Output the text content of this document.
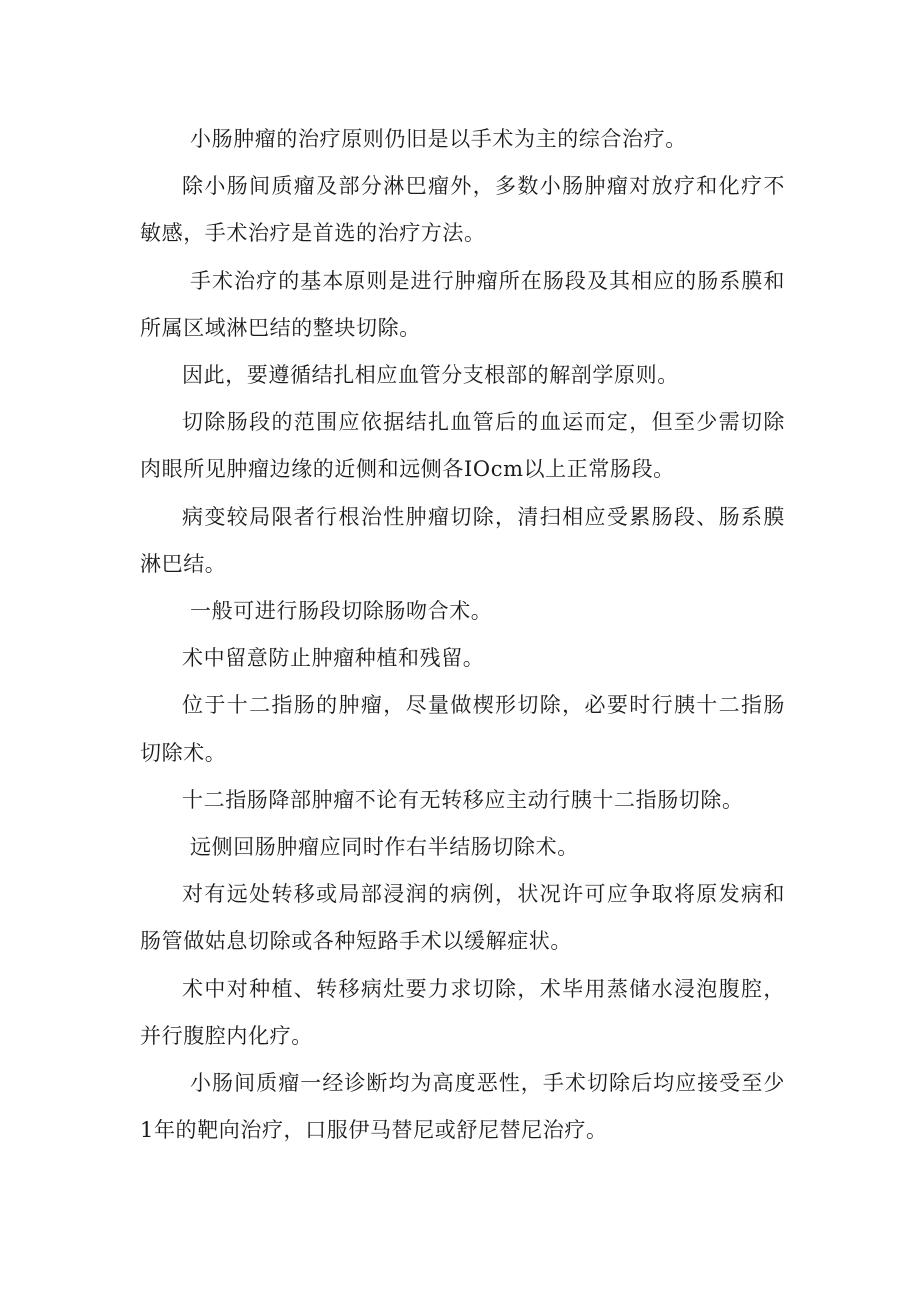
小肠肿瘤的治疗原则仍旧是以手术为主的综合治疗。

除小肠间质瘤及部分淋巴瘤外，多数小肠肿瘤对放疗和化疗不敏感，手术治疗是首选的治疗方法。

手术治疗的基本原则是进行肿瘤所在肠段及其相应的肠系膜和所属区域淋巴结的整块切除。

因此，要遵循结扎相应血管分支根部的解剖学原则。

切除肠段的范围应依据结扎血管后的血运而定，但至少需切除肉眼所见肿瘤边缘的近侧和远侧各IOcm以上正常肠段。

病变较局限者行根治性肿瘤切除，清扫相应受累肠段、肠系膜淋巴结。

一般可进行肠段切除肠吻合术。

术中留意防止肿瘤种植和残留。

位于十二指肠的肿瘤，尽量做楔形切除，必要时行胰十二指肠切除术。

十二指肠降部肿瘤不论有无转移应主动行胰十二指肠切除。

远侧回肠肿瘤应同时作右半结肠切除术。

对有远处转移或局部浸润的病例，状况许可应争取将原发病和肠管做姑息切除或各种短路手术以缓解症状。

术中对种植、转移病灶要力求切除，术毕用蒸储水浸泡腹腔，并行腹腔内化疗。

小肠间质瘤一经诊断均为高度恶性，手术切除后均应接受至少1年的靶向治疗，口服伊马替尼或舒尼替尼治疗。
